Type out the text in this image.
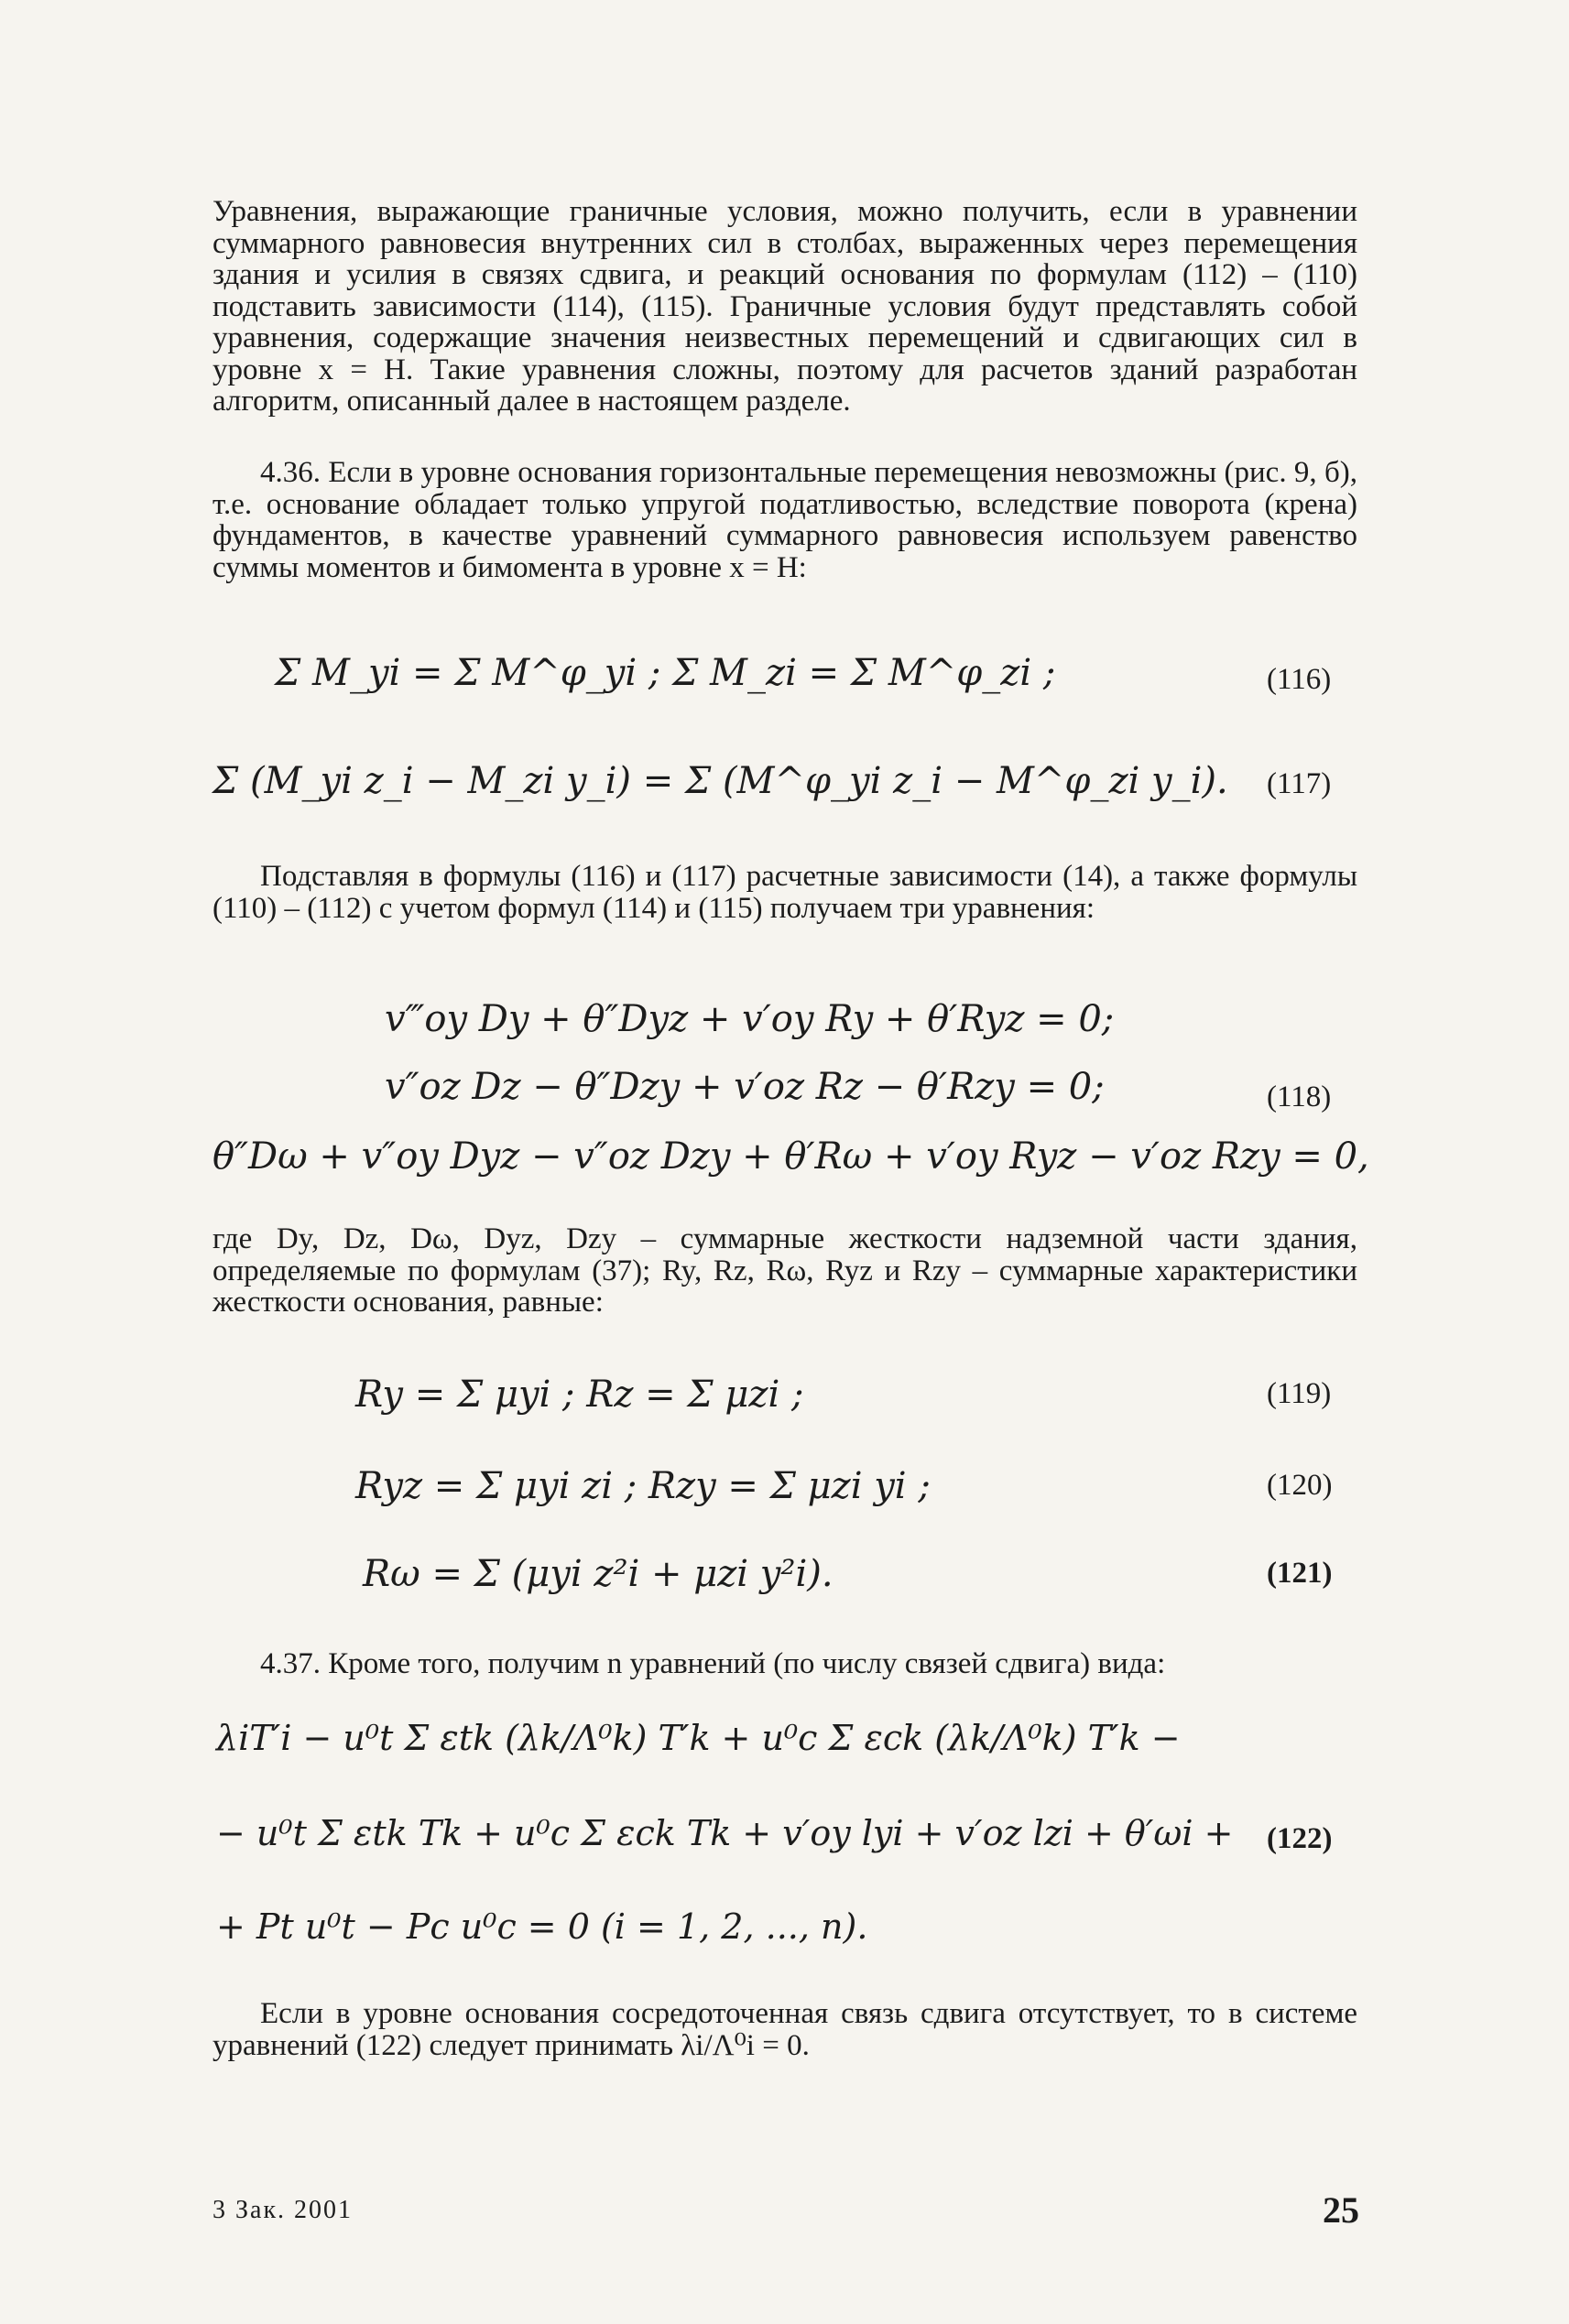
Уравнения, выражающие граничные условия, можно получить, если в уравнении суммарного равновесия внутренних сил в столбах, выраженных через перемещения здания и усилия в связях сдвига, и реакций основания по формулам (112) – (110) подставить зависимости (114), (115). Граничные условия будут представлять собой уравнения, содержащие значения неизвестных перемещений и сдвигающих сил в уровне x = H. Такие уравнения сложны, поэтому для расчетов зданий разработан алгоритм, описанный далее в настоящем разделе.

4.36. Если в уровне основания горизонтальные перемещения невозможны (рис. 9, б), т.е. основание обладает только упругой податливостью, вследствие поворота (крена) фундаментов, в качестве уравнений суммарного равновесия используем равенство суммы моментов и бимомента в уровне x = H:

Σ M_yi = Σ M^φ_yi ; Σ M_zi = Σ M^φ_zi ;	(116)
Σ (M_yi z_i − M_zi y_i) = Σ (M^φ_yi z_i − M^φ_zi y_i). (117)

Подставляя в формулы (116) и (117) расчетные зависимости (14), а также формулы (110) – (112) с учетом формул (114) и (115) получаем три уравнения:

v‴oy Dy + θ″Dyz + v′oy Ry + θ′Ryz = 0;
v″oz Dz − θ″Dzy + v′oz Rz − θ′Rzy = 0;
θ″Dω + v″oy Dyz − v″oz Dzy + θ′Rω + v′oy Ryz − v′oz Rzy = 0,
(118)

где Dy, Dz, Dω, Dyz, Dzy – суммарные жесткости надземной части здания, определяемые по формулам (37); Ry, Rz, Rω, Ryz и Rzy – суммарные характеристики жесткости основания, равные:

Ry = Σ μyi ; Rz = Σ μzi ;	(119)
Ryz = Σ μyi zi ; Rzy = Σ μzi yi ;	(120)
Rω = Σ (μyi z²i + μzi y²i).	(121)

4.37. Кроме того, получим n уравнений (по числу связей сдвига) вида:

λiT′i − u⁰t Σ εtk (λk/Λ⁰k) T′k + u⁰c Σ εck (λk/Λ⁰k) T′k −
− u⁰t Σ εtk Tk + u⁰c Σ εck Tk + v′oy lyi + v′oz lzi + θ′ωi +
+ Pt u⁰t − Pc u⁰c = 0 (i = 1, 2, ..., n).
(122)

Если в уровне основания сосредоточенная связь сдвига отсутствует, то в системе уравнений (122) следует принимать λi/Λ⁰i = 0.

3 Зак. 2001	25
